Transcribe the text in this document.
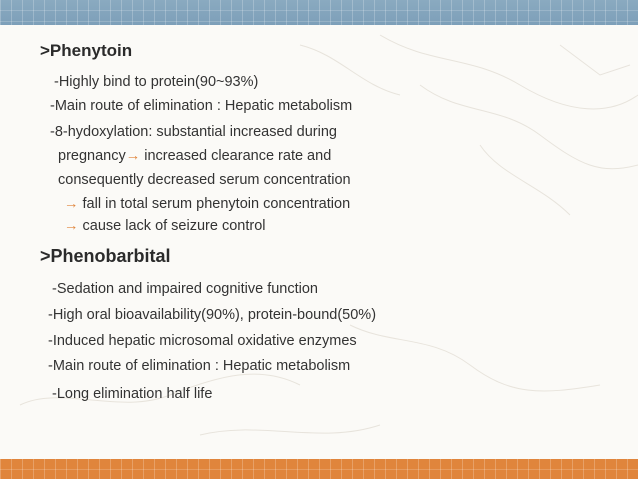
>Phenytoin
-Highly bind to protein(90~93%)
-Main route of elimination : Hepatic metabolism
-8-hydoxylation: substantial increased during
pregnancy→ increased clearance rate and
consequently decreased serum concentration
→ fall in total serum phenytoin concentration
→ cause lack of seizure control
>Phenobarbital
-Sedation and impaired cognitive function
-High oral bioavailability(90%), protein-bound(50%)
-Induced hepatic microsomal oxidative enzymes
-Main route of elimination : Hepatic metabolism
-Long elimination half life
